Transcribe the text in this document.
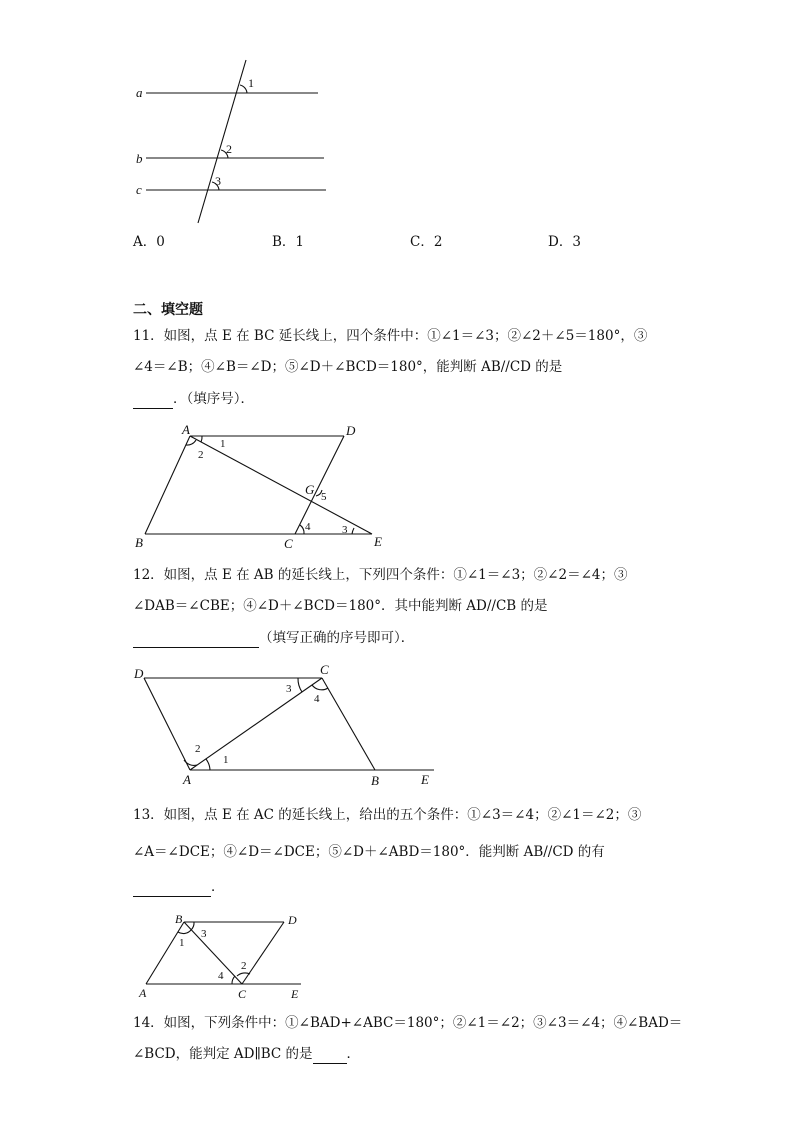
a
b
c
1
2
3
A．0	B．1	C．2	D．3
二、填空题
11．如图，点 E 在 BC 延长线上，四个条件中：①∠1＝∠3；②∠2＋∠5＝180°，③
∠4＝∠B；④∠B＝∠D；⑤∠D＋∠BCD＝180°，能判断 AB//CD 的是
．（填序号）．
A	D
B	C	E
G
1
2
3
4
5
12．如图，点 E 在 AB 的延长线上，下列四个条件：①∠1＝∠3；②∠2＝∠4；③
∠DAB＝∠CBE；④∠D＋∠BCD＝180°．其中能判断 AD//CB 的是
（填写正确的序号即可）．
D	C
A	B	E
1
2
3
4
13．如图，点 E 在 AC 的延长线上，给出的五个条件：①∠3＝∠4；②∠1＝∠2；③
∠A＝∠DCE；④∠D＝∠DCE；⑤∠D＋∠ABD＝180°．能判断 AB//CD 的有
．
B	D
A	C	E
1
2
3
4
14．如图，下列条件中：①∠BAD+∠ABC＝180°；②∠1＝∠2；③∠3＝∠4；④∠BAD＝
∠BCD，能判定 AD∥BC 的是	．
